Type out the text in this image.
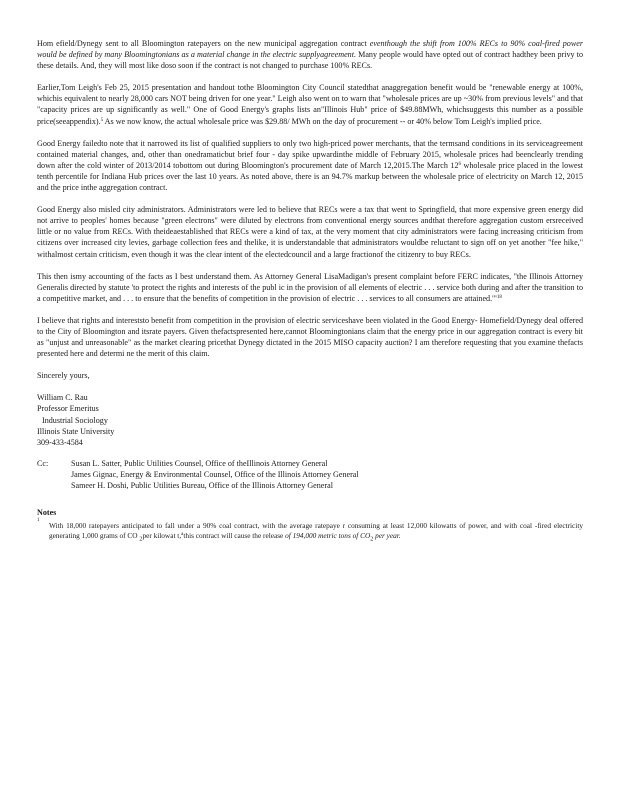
Hom efield/Dynegy sent to all Bloomington ratepayers on the new municipal aggregation contract eventhough the shift from 100% RECs to 90% coal-fired power would be defined by many Bloomingtonians as a material change in the electric supplyagreement. Many people would have opted out of contract hadthey been privy to these details. And, they will most like doso soon if the contract is not changed to purchase 100% RECs.

Earlier,Tom Leigh's Feb 25, 2015 presentation and handout tothe Bloomington City Council statedthat anaggregation benefit would be "renewable energy at 100%, whichis equivalent to nearly 28,000 cars NOT being driven for one year." Leigh also went on to warn that "wholesale prices are up ~30% from previous levels" and that "capacity prices are up significantly as well." One of Good Energy's graphs lists an"Illinois Hub" price of $49.88MWh, whichsuggests this number as a possible price(seeappendix).$^5$ As we now know, the actual wholesale price was $29.88/ MWh on the day of procurement -- or 40% below Tom Leigh's implied price.

Good Energy failedto note that it narrowed its list of qualified suppliers to only two high-priced power merchants, that the termsand conditions in its serviceagreement contained material changes, and, other than onedramaticbut brief four - day spike upwardinthe middle of February 2015, wholesale prices had beenclearly trending down after the cold winter of 2013/2014 tobottom out during Bloomington's procurement date of March 12,2015.The March $12^6$ wholesale price placed in the lowest tenth percentile for Indiana Hub prices over the last 10 years. As noted above, there is an 94.7% markup between the wholesale price of electricity on March 12, 2015 and the price inthe aggregation contract.

Good Energy also misled city administrators. Administrators were led to believe that RECs were a tax that went to Springfield, that more expensive green energy did not arrive to peoples' homes because "green electrons" were diluted by electrons from conventional energy sources andthat therefore aggregation custom ersreceived little or no value from RECs. With theideaestablished that RECs were a kind of tax, at the very moment that city administrators were facing increasing criticism from citizens over increased city levies, garbage collection fees and thelike, it is understandable that administrators wouldbe reluctant to sign off on yet another "fee hike," withalmost certain criticism, even though it was the clear intent of the electedcouncil and a large fractionof the citizenry to buy RECs.

This then ismy accounting of the facts as I best understand them. As Attorney General LisaMadigan's present complaint before FERC indicates, "the Illinois Attorney Generalis directed by statute 'to protect the rights and interests of the publ ic in the provision of all elements of electric . . . service both during and after the transition to a competitive market, and . . . to ensure that the benefits of competition in the provision of electric . . . services to all consumers are attained.'"$^{18}$

I believe that rights and intereststo benefit from competition in the provision of electric serviceshave been violated in the Good Energy- Homefield/Dynegy deal offered to the City of Bloomington and itsrate payers. Given thefactspresented here,cannot Bloomingtonians claim that the energy price in our aggregation contract is every bit as "unjust and unreasonable" as the market clearing pricethat Dynegy dictated in the 2015 MISO capacity auction? I am therefore requesting that you examine thefacts presented here and determi ne the merit of this claim.

Sincerely yours,
William C. Rau
Professor Emeritus
Industrial Sociology
Illinois State University
309-433-4584
Cc:	Susan L. Satter, Public Utilities Counsel, Office of theIllinois Attorney General
James Gignac, Energy & Environmental Counsel, Office of the Illinois Attorney General
Sameer H. Doshi, Public Utilities Bureau, Office of the Illinois Attorney General
Notes
1
With 18,000 ratepayers anticipated to fall under a 90% coal contract, with the average ratepaye r consuming at least 12,000 kilowatts of power, and with coal -fired electricity generating 1,000 grams of CO $_2$per kilowat t,$^a$this contract will cause the release of 194,000 metric tons of $CO_2$ per year.
